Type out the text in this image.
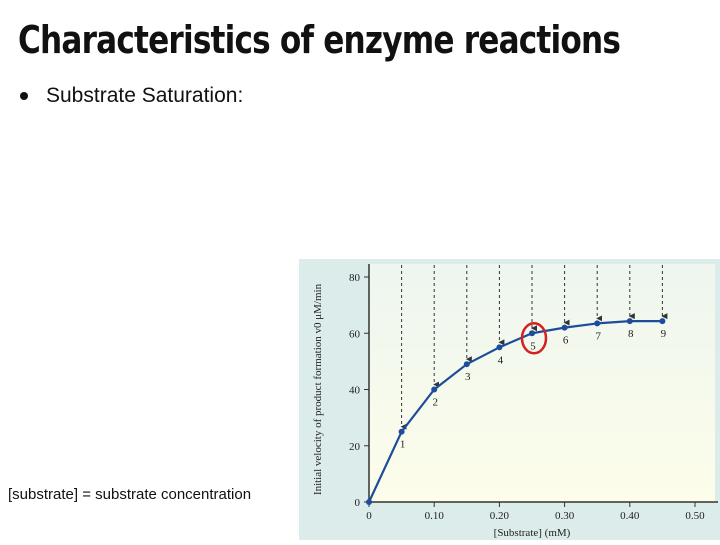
Characteristics of enzyme reactions
Substrate Saturation:
[substrate] = substrate concentration	0
20
40
60
80
0	0.10	0.20	0.30	0.40	0.50
[Substrate] (mM)
Initial velocity of product formation v0 μM/min	1
2
3
4
5 6 7 8 9
